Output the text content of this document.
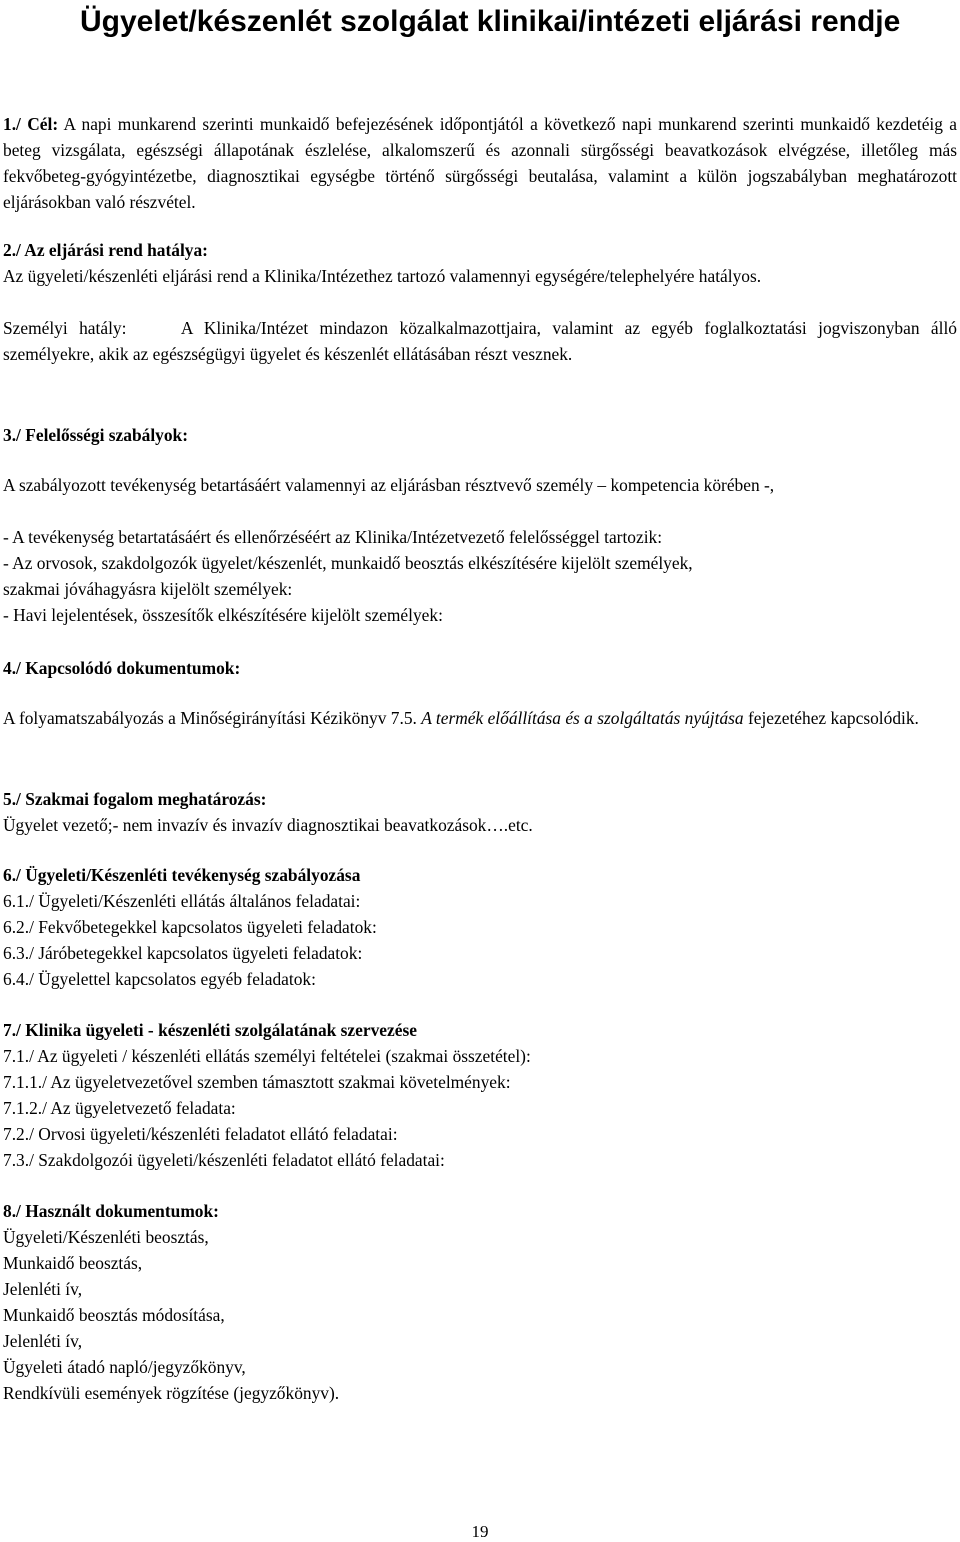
Ügyelet/készenlét szolgálat klinikai/intézeti eljárási rendje
1./ Cél: A napi munkarend szerinti munkaidő befejezésének időpontjától a következő napi munkarend szerinti munkaidő kezdetéig a beteg vizsgálata, egészségi állapotának észlelése, alkalomszerű és azonnali sürgősségi beavatkozások elvégzése, illetőleg más fekvőbeteg-gyógyintézetbe, diagnosztikai egységbe történő sürgősségi beutalása, valamint a külön jogszabályban meghatározott eljárásokban való részvétel.
2./ Az eljárási rend hatálya:
Az ügyeleti/készenléti eljárási rend a Klinika/Intézethez tartozó valamennyi egységére/telephelyére hatályos.
Személyi hatály:	A Klinika/Intézet mindazon közalkalmazottjaira, valamint az egyéb foglalkoztatási jogviszonyban álló személyekre, akik az egészségügyi ügyelet és készenlét ellátásában részt vesznek.
3./ Felelősségi szabályok:
A szabályozott tevékenység betartásáért valamennyi az eljárásban résztvevő személy – kompetencia körében -,
- A tevékenység betartatásáért és ellenőrzéséért az Klinika/Intézetvezető felelősséggel tartozik:
- Az orvosok, szakdolgozók ügyelet/készenlét, munkaidő beosztás elkészítésére kijelölt személyek,
szakmai jóváhagyásra kijelölt személyek:
- Havi lejelentések, összesítők elkészítésére kijelölt személyek:
4./ Kapcsolódó dokumentumok:
A folyamatszabályozás a Minőségirányítási Kézikönyv 7.5. A termék előállítása és a szolgáltatás nyújtása fejezetéhez kapcsolódik.
5./ Szakmai fogalom meghatározás:
Ügyelet vezető;- nem invazív és invazív diagnosztikai beavatkozások….etc.
6./ Ügyeleti/Készenléti tevékenység szabályozása
6.1./ Ügyeleti/Készenléti ellátás általános feladatai:
6.2./ Fekvőbetegekkel kapcsolatos ügyeleti feladatok:
6.3./ Járóbetegekkel kapcsolatos ügyeleti feladatok:
6.4./ Ügyelettel kapcsolatos egyéb feladatok:
7./ Klinika ügyeleti - készenléti szolgálatának szervezése
7.1./ Az ügyeleti / készenléti ellátás személyi feltételei (szakmai összetétel):
7.1.1./ Az ügyeletvezetővel szemben támasztott szakmai követelmények:
7.1.2./ Az ügyeletvezető feladata:
7.2./ Orvosi ügyeleti/készenléti feladatot ellátó feladatai:
7.3./ Szakdolgozói ügyeleti/készenléti feladatot ellátó feladatai:
8./ Használt dokumentumok:
Ügyeleti/Készenléti beosztás,
Munkaidő beosztás,
Jelenléti ív,
Munkaidő beosztás módosítása,
Jelenléti ív,
Ügyeleti átadó napló/jegyzőkönyv,
Rendkívüli események rögzítése (jegyzőkönyv).
19
